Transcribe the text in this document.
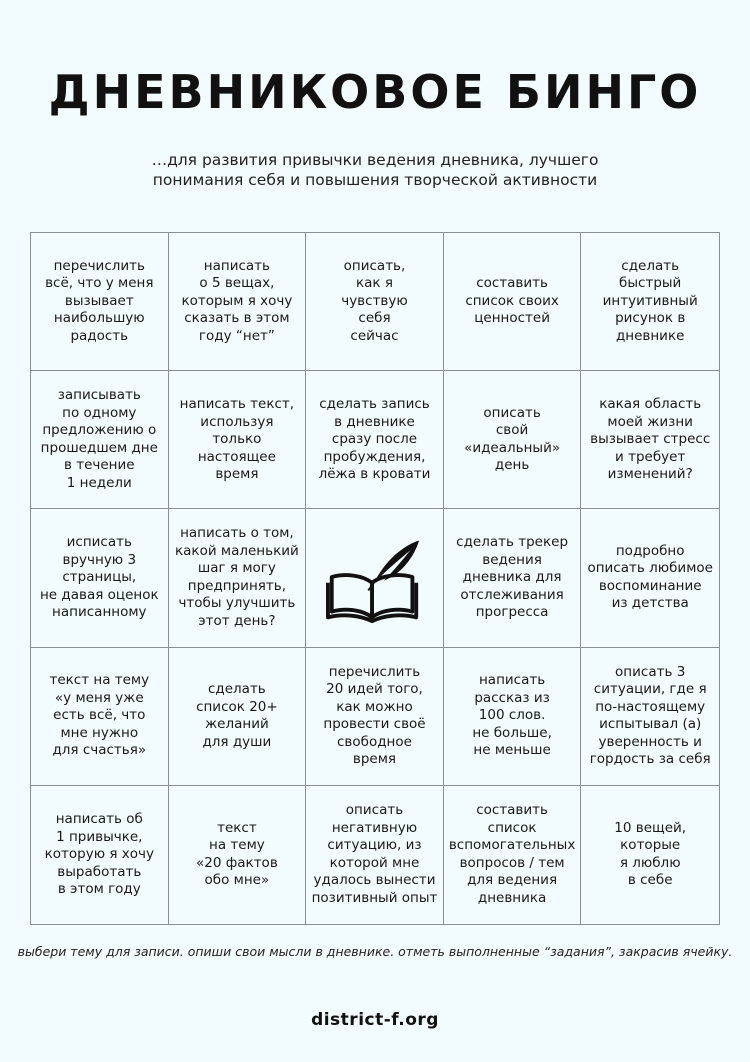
ДНЕВНИКОВОЕ БИНГО
…для развития привычки ведения дневника, лучшего
понимания себя и повышения творческой активности
перечислить
всё, что у меня
вызывает
наибольшую
радость
написать
о 5 вещах,
которым я хочу
сказать в этом
году “нет”
описать,
как я
чувствую
себя
сейчас
составить
список своих
ценностей
сделать
быстрый
интуитивный
рисунок в
дневнике
записывать
по одному
предложению о
прошедшем дне
в течение
1 недели
написать текст,
используя
только
настоящее
время
сделать запись
в дневнике
сразу после
пробуждения,
лёжа в кровати
описать
свой
«идеальный»
день
какая область
моей жизни
вызывает стресс
и требует
изменений?
исписать
вручную 3
страницы,
не давая оценок
написанному
написать о том,
какой маленький
шаг я могу
предпринять,
чтобы улучшить
этот день?
сделать трекер
ведения
дневника для
отслеживания
прогресса
подробно
описать любимое
воспоминание
из детства
текст на тему
«у меня уже
есть всё, что
мне нужно
для счастья»
сделать
список 20+
желаний
для души
перечислить
20 идей того,
как можно
провести своё
свободное
время
написать
рассказ из
100 слов.
не больше,
не меньше
описать 3
ситуации, где я
по-настоящему
испытывал (а)
уверенность и
гордость за себя
написать об
1 привычке,
которую я хочу
выработать
в этом году
текст
на тему
«20 фактов
обо мне»
описать
негативную
ситуацию, из
которой мне
удалось вынести
позитивный опыт
составить
список
вспомогательных
вопросов / тем
для ведения
дневника
10 вещей,
которые
я люблю
в себе
выбери тему для записи. опиши свои мысли в дневнике. отметь выполненные “задания”, закрасив ячейку.
district-f.org
